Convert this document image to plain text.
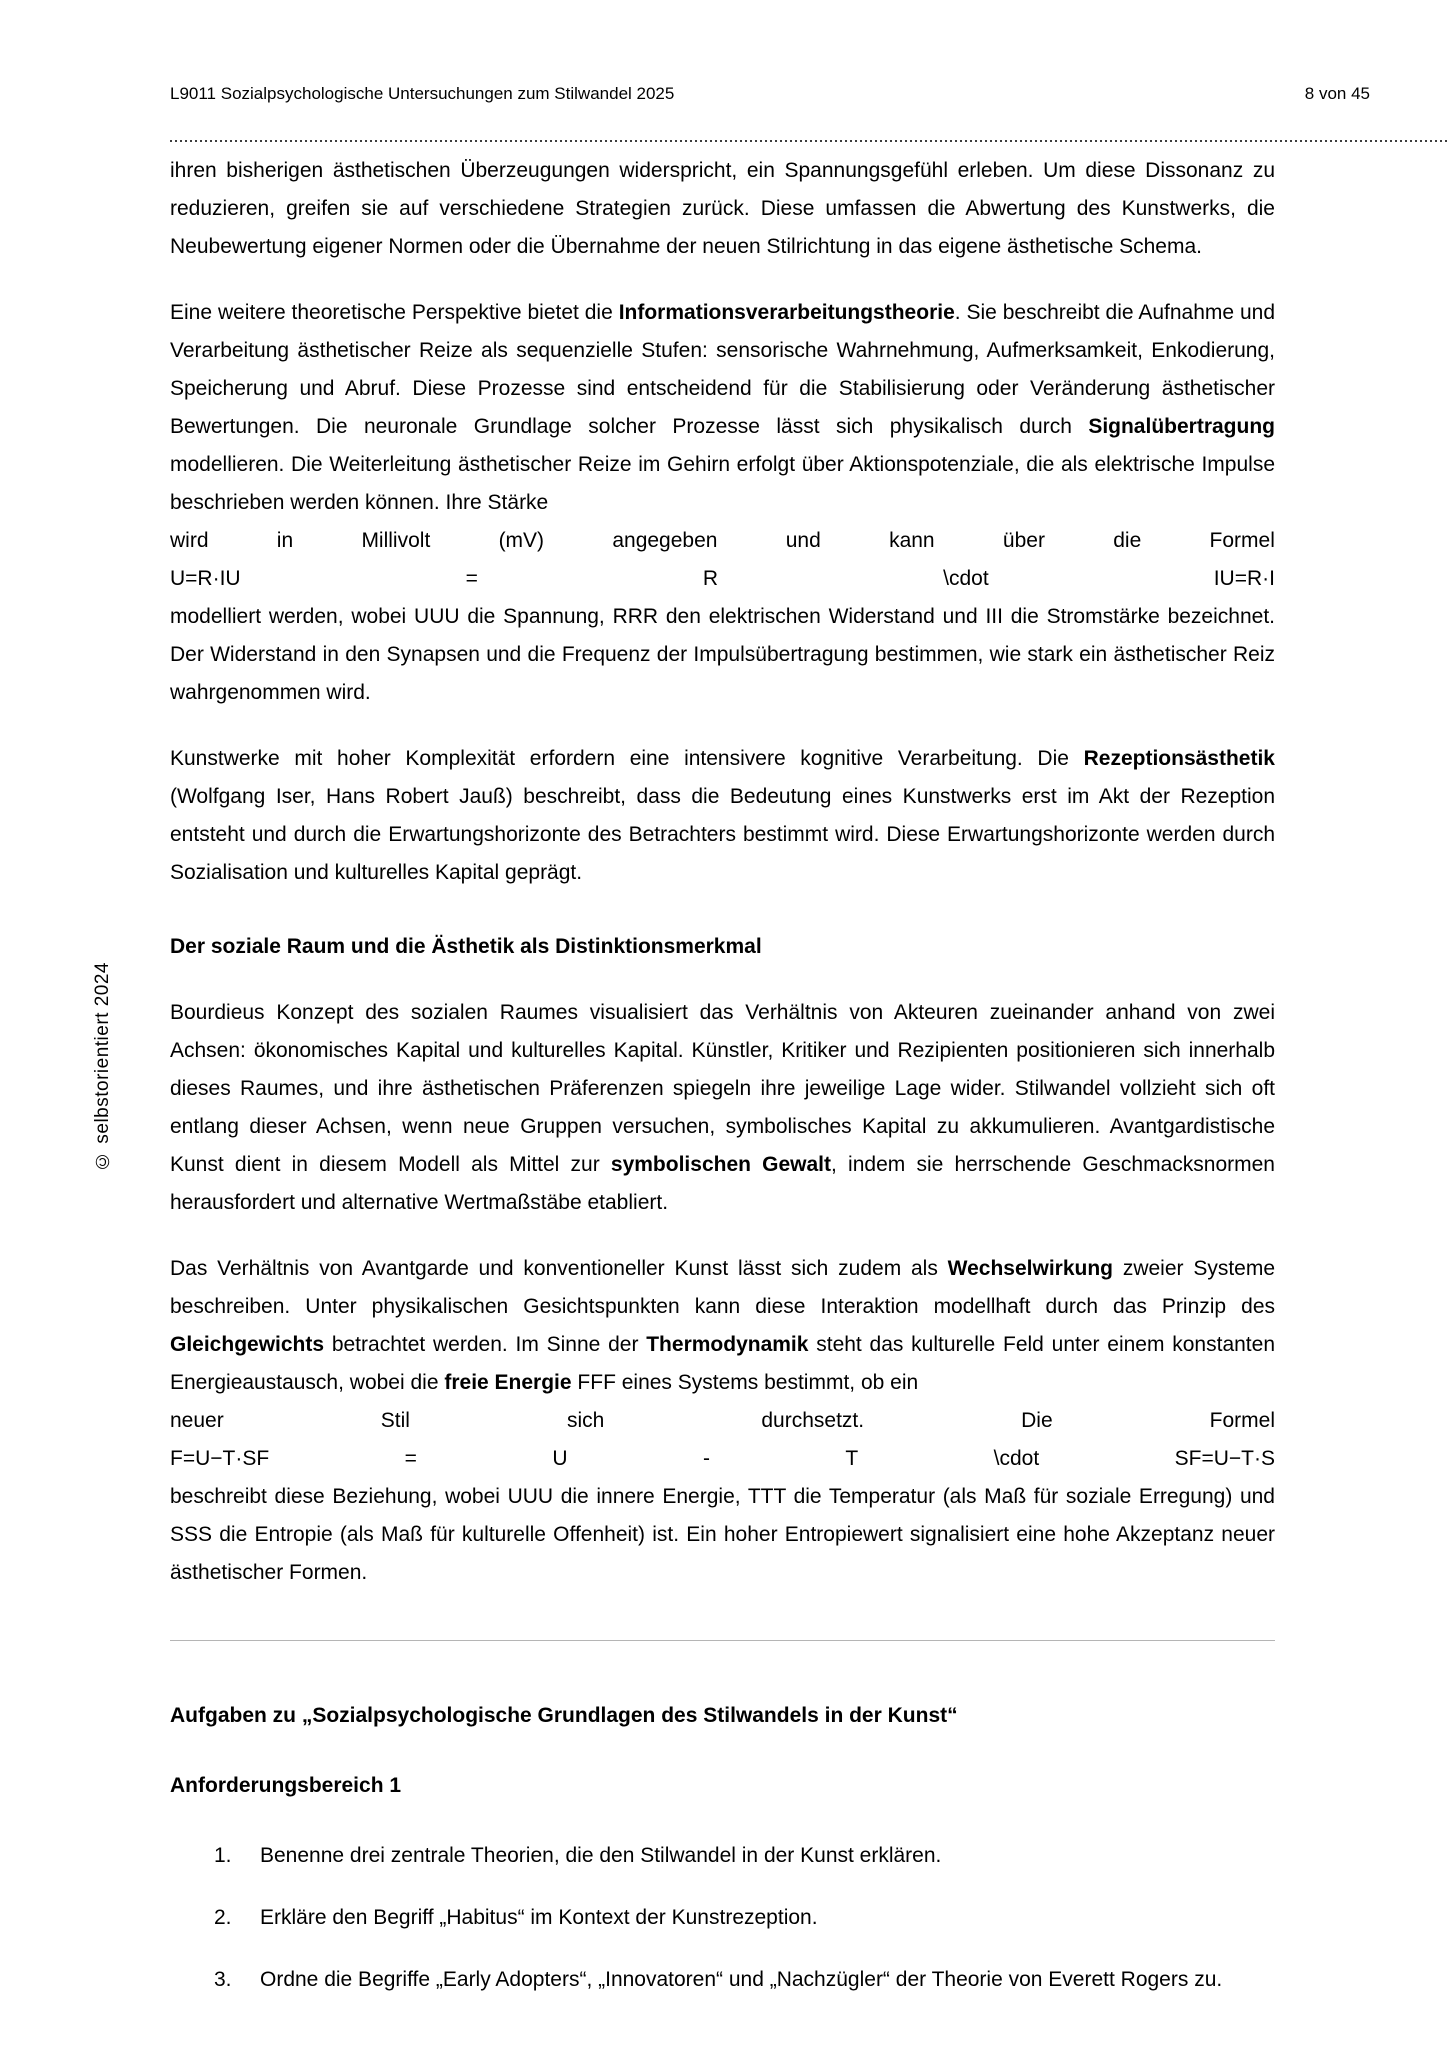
L9011 Sozialpsychologische Untersuchungen zum Stilwandel 2025	8 von 45
© selbstorientiert 2024

ihren bisherigen ästhetischen Überzeugungen widerspricht, ein Spannungsgefühl erleben. Um diese Dissonanz zu reduzieren, greifen sie auf verschiedene Strategien zurück. Diese umfassen die Abwertung des Kunstwerks, die Neubewertung eigener Normen oder die Übernahme der neuen Stilrichtung in das eigene ästhetische Schema.

Eine weitere theoretische Perspektive bietet die Informationsverarbeitungstheorie. Sie beschreibt die Aufnahme und Verarbeitung ästhetischer Reize als sequenzielle Stufen: sensorische Wahrnehmung, Aufmerksamkeit, Enkodierung, Speicherung und Abruf. Diese Prozesse sind entscheidend für die Stabilisierung oder Veränderung ästhetischer Bewertungen. Die neuronale Grundlage solcher Prozesse lässt sich physikalisch durch Signalübertragung modellieren. Die Weiterleitung ästhetischer Reize im Gehirn erfolgt über Aktionspotenziale, die als elektrische Impulse beschrieben werden können. Ihre Stärke

wird	in	Millivolt	(mV)	angegeben	und	kann	über	die	Formel
U=R·IU	=	R	\cdot	IU=R·I

modelliert werden, wobei UUU die Spannung, RRR den elektrischen Widerstand und III die Stromstärke bezeichnet. Der Widerstand in den Synapsen und die Frequenz der Impulsübertragung bestimmen, wie stark ein ästhetischer Reiz wahrgenommen wird.

Kunstwerke mit hoher Komplexität erfordern eine intensivere kognitive Verarbeitung. Die Rezeptionsästhetik (Wolfgang Iser, Hans Robert Jauß) beschreibt, dass die Bedeutung eines Kunstwerks erst im Akt der Rezeption entsteht und durch die Erwartungshorizonte des Betrachters bestimmt wird. Diese Erwartungshorizonte werden durch Sozialisation und kulturelles Kapital geprägt.

Der soziale Raum und die Ästhetik als Distinktionsmerkmal

Bourdieus Konzept des sozialen Raumes visualisiert das Verhältnis von Akteuren zueinander anhand von zwei Achsen: ökonomisches Kapital und kulturelles Kapital. Künstler, Kritiker und Rezipienten positionieren sich innerhalb dieses Raumes, und ihre ästhetischen Präferenzen spiegeln ihre jeweilige Lage wider. Stilwandel vollzieht sich oft entlang dieser Achsen, wenn neue Gruppen versuchen, symbolisches Kapital zu akkumulieren. Avantgardistische Kunst dient in diesem Modell als Mittel zur symbolischen Gewalt, indem sie herrschende Geschmacksnormen herausfordert und alternative Wertmaßstäbe etabliert.

Das Verhältnis von Avantgarde und konventioneller Kunst lässt sich zudem als Wechselwirkung zweier Systeme beschreiben. Unter physikalischen Gesichtspunkten kann diese Interaktion modellhaft durch das Prinzip des Gleichgewichts betrachtet werden. Im Sinne der Thermodynamik steht das kulturelle Feld unter einem konstanten Energieaustausch, wobei die freie Energie FFF eines Systems bestimmt, ob ein

neuer	Stil	sich	durchsetzt.	Die	Formel
F=U−T·SF	=	U	-	T	\cdot	SF=U−T·S

beschreibt diese Beziehung, wobei UUU die innere Energie, TTT die Temperatur (als Maß für soziale Erregung) und SSS die Entropie (als Maß für kulturelle Offenheit) ist. Ein hoher Entropiewert signalisiert eine hohe Akzeptanz neuer ästhetischer Formen.

Aufgaben zu „Sozialpsychologische Grundlagen des Stilwandels in der Kunst“
Anforderungsbereich 1
1.	Benenne drei zentrale Theorien, die den Stilwandel in der Kunst erklären.
2.	Erkläre den Begriff „Habitus“ im Kontext der Kunstrezeption.
3.	Ordne die Begriffe „Early Adopters“, „Innovatoren“ und „Nachzügler“ der Theorie von Everett Rogers zu.
